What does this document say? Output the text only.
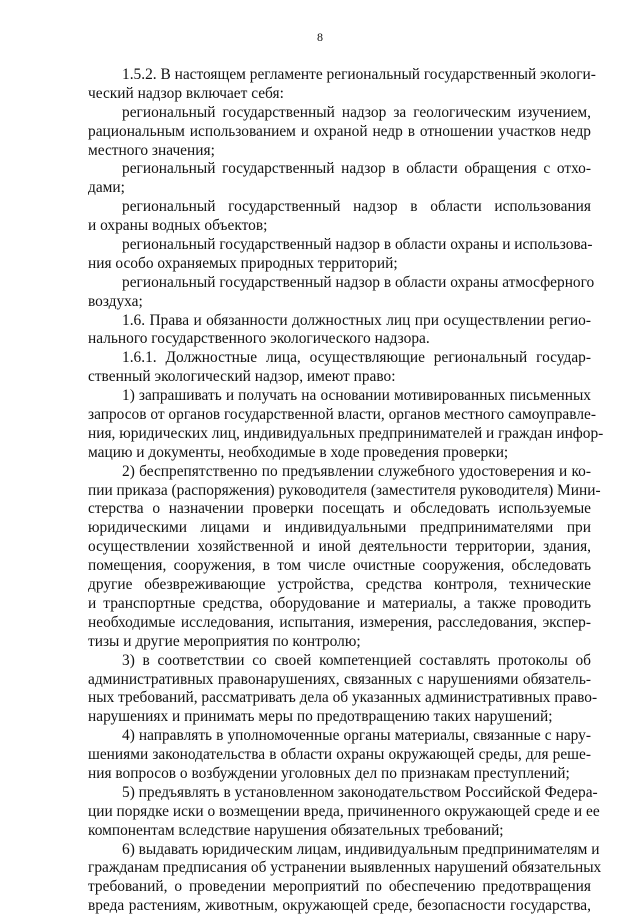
8
1.5.2. В настоящем регламенте региональный государственный экологи-
ческий надзор включает себя:
региональный государственный надзор за геологическим изучением,
рациональным использованием и охраной недр в отношении участков недр
местного значения;
региональный государственный надзор в области обращения с отхо-
дами;
региональный государственный надзор в области использования
и охраны водных объектов;
региональный государственный надзор в области охраны и использова-
ния особо охраняемых природных территорий;
региональный государственный надзор в области охраны атмосферного
воздуха;
1.6. Права и обязанности должностных лиц при осуществлении регио-
нального государственного экологического надзора.
1.6.1. Должностные лица, осуществляющие региональный государ-
ственный экологический надзор, имеют право:
1) запрашивать и получать на основании мотивированных письменных
запросов от органов государственной власти, органов местного самоуправле-
ния, юридических лиц, индивидуальных предпринимателей и граждан инфор-
мацию и документы, необходимые в ходе проведения проверки;
2) беспрепятственно по предъявлении служебного удостоверения и ко-
пии приказа (распоряжения) руководителя (заместителя руководителя) Мини-
стерства о назначении проверки посещать и обследовать используемые
юридическими лицами и индивидуальными предпринимателями при
осуществлении хозяйственной и иной деятельности территории, здания,
помещения, сооружения, в том числе очистные сооружения, обследовать
другие обезвреживающие устройства, средства контроля, технические
и транспортные средства, оборудование и материалы, а также проводить
необходимые исследования, испытания, измерения, расследования, экспер-
тизы и другие мероприятия по контролю;
3) в соответствии со своей компетенцией составлять протоколы об
административных правонарушениях, связанных с нарушениями обязатель-
ных требований, рассматривать дела об указанных административных право-
нарушениях и принимать меры по предотвращению таких нарушений;
4) направлять в уполномоченные органы материалы, связанные с нару-
шениями законодательства в области охраны окружающей среды, для реше-
ния вопросов о возбуждении уголовных дел по признакам преступлений;
5) предъявлять в установленном законодательством Российской Федера-
ции порядке иски о возмещении вреда, причиненного окружающей среде и ее
компонентам вследствие нарушения обязательных требований;
6) выдавать юридическим лицам, индивидуальным предпринимателям и
гражданам предписания об устранении выявленных нарушений обязательных
требований, о проведении мероприятий по обеспечению предотвращения
вреда растениям, животным, окружающей среде, безопасности государства,
